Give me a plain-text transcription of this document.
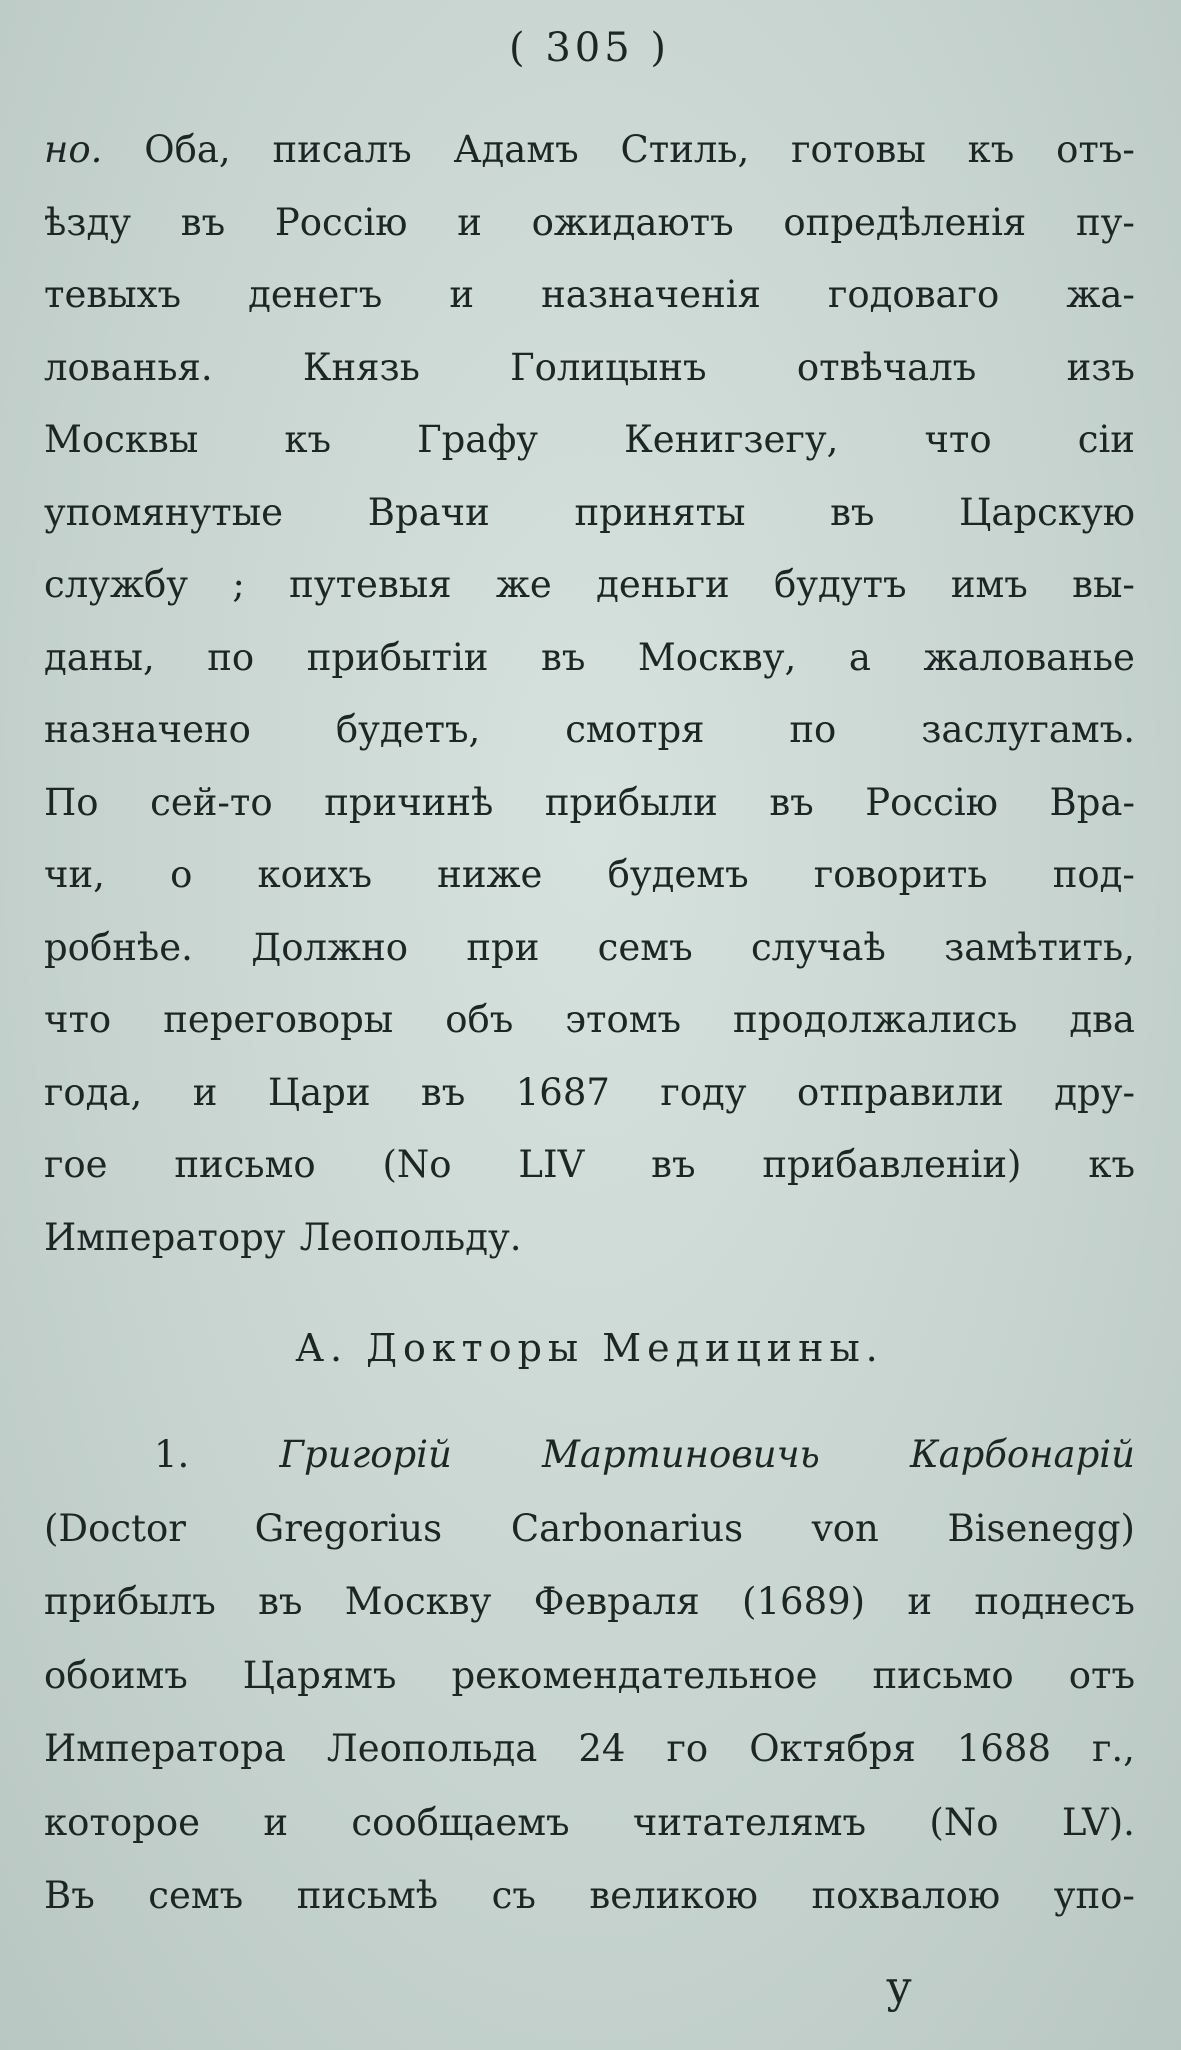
( 305 )
но. Оба, писалъ Адамъ Стиль, готовы къ отъ-
ѣзду въ Россію и ожидаютъ опредѣленія пу-
тевыхъ денегъ и назначенія годоваго жа-
лованья. Князь Голицынъ отвѣчалъ изъ
Москвы къ Графу Кенигзегу, что сіи
упомянутые Врачи приняты въ Царскую
службу ; путевыя же деньги будутъ имъ вы-
даны, по прибытіи въ Москву, а жалованье
назначено будетъ, смотря по заслугамъ.
По сей-то причинѣ прибыли въ Россію Вра-
чи, о коихъ ниже будемъ говорить под-
робнѣе. Должно при семъ случаѣ замѣтить,
что переговоры объ этомъ продолжались два
года, и Цари въ 1687 году отправили дру-
гое письмо (No LIV въ прибавленіи) къ
Императору Леопольду.
А. Докторы Медицины.
1. Григорій Мартиновичь Карбонарій
(Doctor Gregorius Carbonarius von Bisenegg)
прибылъ въ Москву Февраля (1689) и поднесъ
обоимъ Царямъ рекомендательное письмо отъ
Императора Леопольда 24 го Октября 1688 г.,
которое и сообщаемъ читателямъ (No LV).
Въ семъ письмѣ съ великою похвалою упо-
у
